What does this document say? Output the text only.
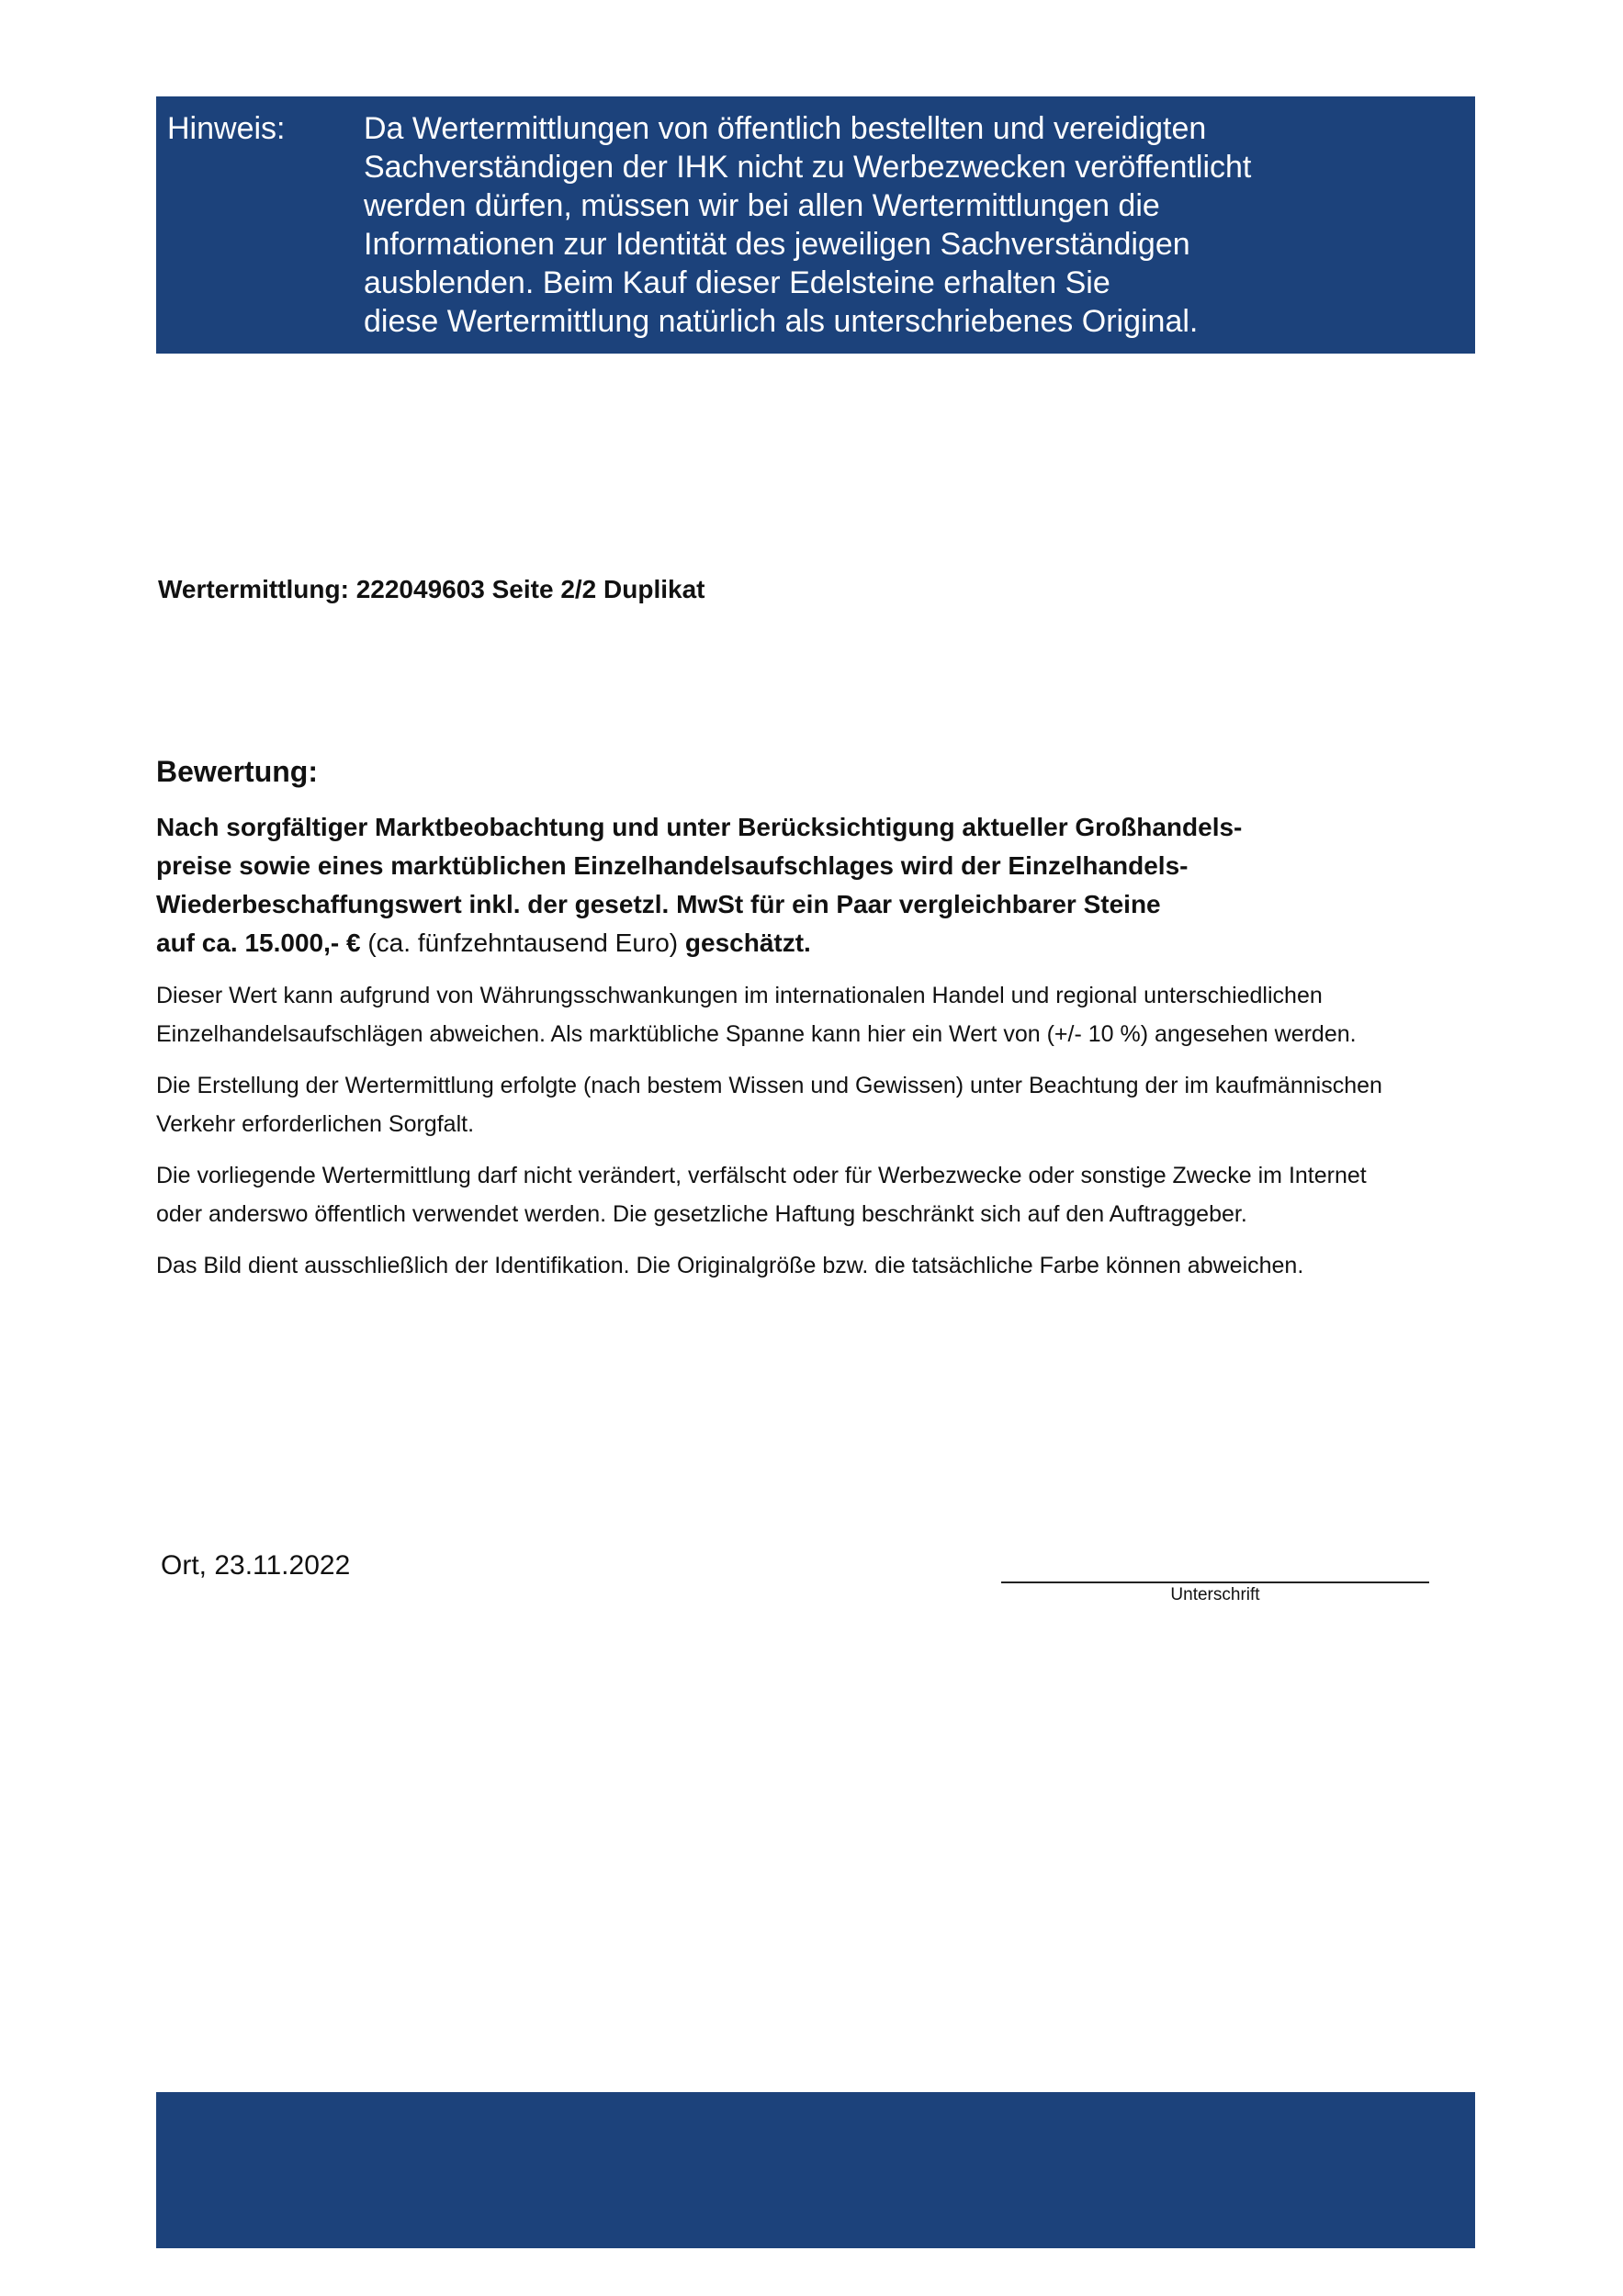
Hinweis:	Da Wertermittlungen von öffentlich bestellten und vereidigten
Sachverständigen der IHK nicht zu Werbezwecken veröffentlicht
werden dürfen, müssen wir bei allen Wertermittlungen die
Informationen zur Identität des jeweiligen Sachverständigen
ausblenden. Beim Kauf dieser Edelsteine erhalten Sie
diese Wertermittlung natürlich als unterschriebenes Original.
Wertermittlung: 222049603 Seite 2/2 Duplikat
Bewertung:
Nach sorgfältiger Marktbeobachtung und unter Berücksichtigung aktueller Großhandels-
preise sowie eines marktüblichen Einzelhandelsaufschlages wird der Einzelhandels-
Wiederbeschaffungswert inkl. der gesetzl. MwSt für ein Paar vergleichbarer Steine
auf ca. 15.000,- € (ca. fünfzehntausend Euro) geschätzt.
Dieser Wert kann aufgrund von Währungsschwankungen im internationalen Handel und regional unterschiedlichen
Einzelhandelsaufschlägen abweichen. Als marktübliche Spanne kann hier ein Wert von (+/- 10 %) angesehen werden.
Die Erstellung der Wertermittlung erfolgte (nach bestem Wissen und Gewissen) unter Beachtung der im kaufmännischen
Verkehr erforderlichen Sorgfalt.
Die vorliegende Wertermittlung darf nicht verändert, verfälscht oder für Werbezwecke oder sonstige Zwecke im Internet
oder anderswo öffentlich verwendet werden. Die gesetzliche Haftung beschränkt sich auf den Auftraggeber.
Das Bild dient ausschließlich der Identifikation. Die Originalgröße bzw. die tatsächliche Farbe können abweichen.
Ort, 23.11.2022
Unterschrift
